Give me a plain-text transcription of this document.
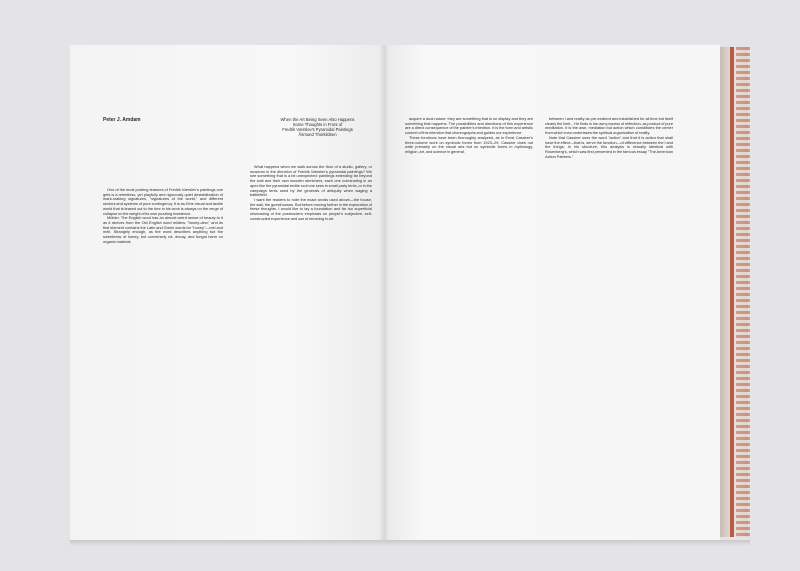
Peter J. Amdam	When the Art Being Seen Also Happens
Some Thoughts in Front of
Fredrik Værslev's Pyramidal Paintings
Åsmund Thorkildsen

One of the most probing features of Fredrik Værslev's paintings one gets is a relentless, yet playfully and rigorously quiet destabilization of mark-making signatures, "signatures of the world," and different sectors and systems of pure contingency. It is as if the visual and tactile world that is teased out to the fore in his work is always on the verge of collapse on the weight of its own puzzling insistence.

Möbler. The English word has an almost weird sense of beauty to it as it derives from the Old English word mildew, "honey-dew," and its first element contains the Latin and Greek words for "honey"—mel and meli. Strangely enough, as the word describes anything but the sweetness of honey, but conversely rot, decay, and fungal harm on organic material.

What happens when we walk across the floor of a studio, gallery, or museum in the direction of Fredrik Værslev's pyramidal paintings? We see something that is a bit unexpected: paintings extending far beyond the wall and their own wooden stretchers, each one culminating in an apex like the pyramidal textile roof one sees in small party tents, or in the campaign tents used by the generals of antiquity when waging a battlefield.

I want the readers to note the exact words used above—the house, the wall, the guesthouses. But before moving further in the exploration of these thoughts, I would like to lay a foundation and far too superficial misreading of the postmodern emphasis on people's subjective, self-constructed experience and use of meaning in art.

acquire a dual nature: they are something that is on display and they are something that happens. The possibilities and directions of this experience are a direct consequence of the painter's intention. It is the form and artistic context of this intention that choreographs and guides our experience.

These functions have been thoroughly analyzed, as in Ernst Cassirer's three-volume work on symbolic forms from 1923–29. Cassirer does not write primarily on the visual arts but on symbolic forms in mythology, religion, art, and science in general.

between I and reality as pre-existent and established for all time but itself clearly the limit... He finds in his own process of reflection, as product of pure meditation. It is the awe, mediation but action which constitutes the center from which man undertakes the spiritual organization of reality.

Note that Cassirer uses the word "action" and that it is action that shall have the effect—that is, serve the function—of difference between the I and the things. In his structure, this analysis is virtually identical with Rosenberg's, which was first presented in the famous essay "The American Action Painters."
